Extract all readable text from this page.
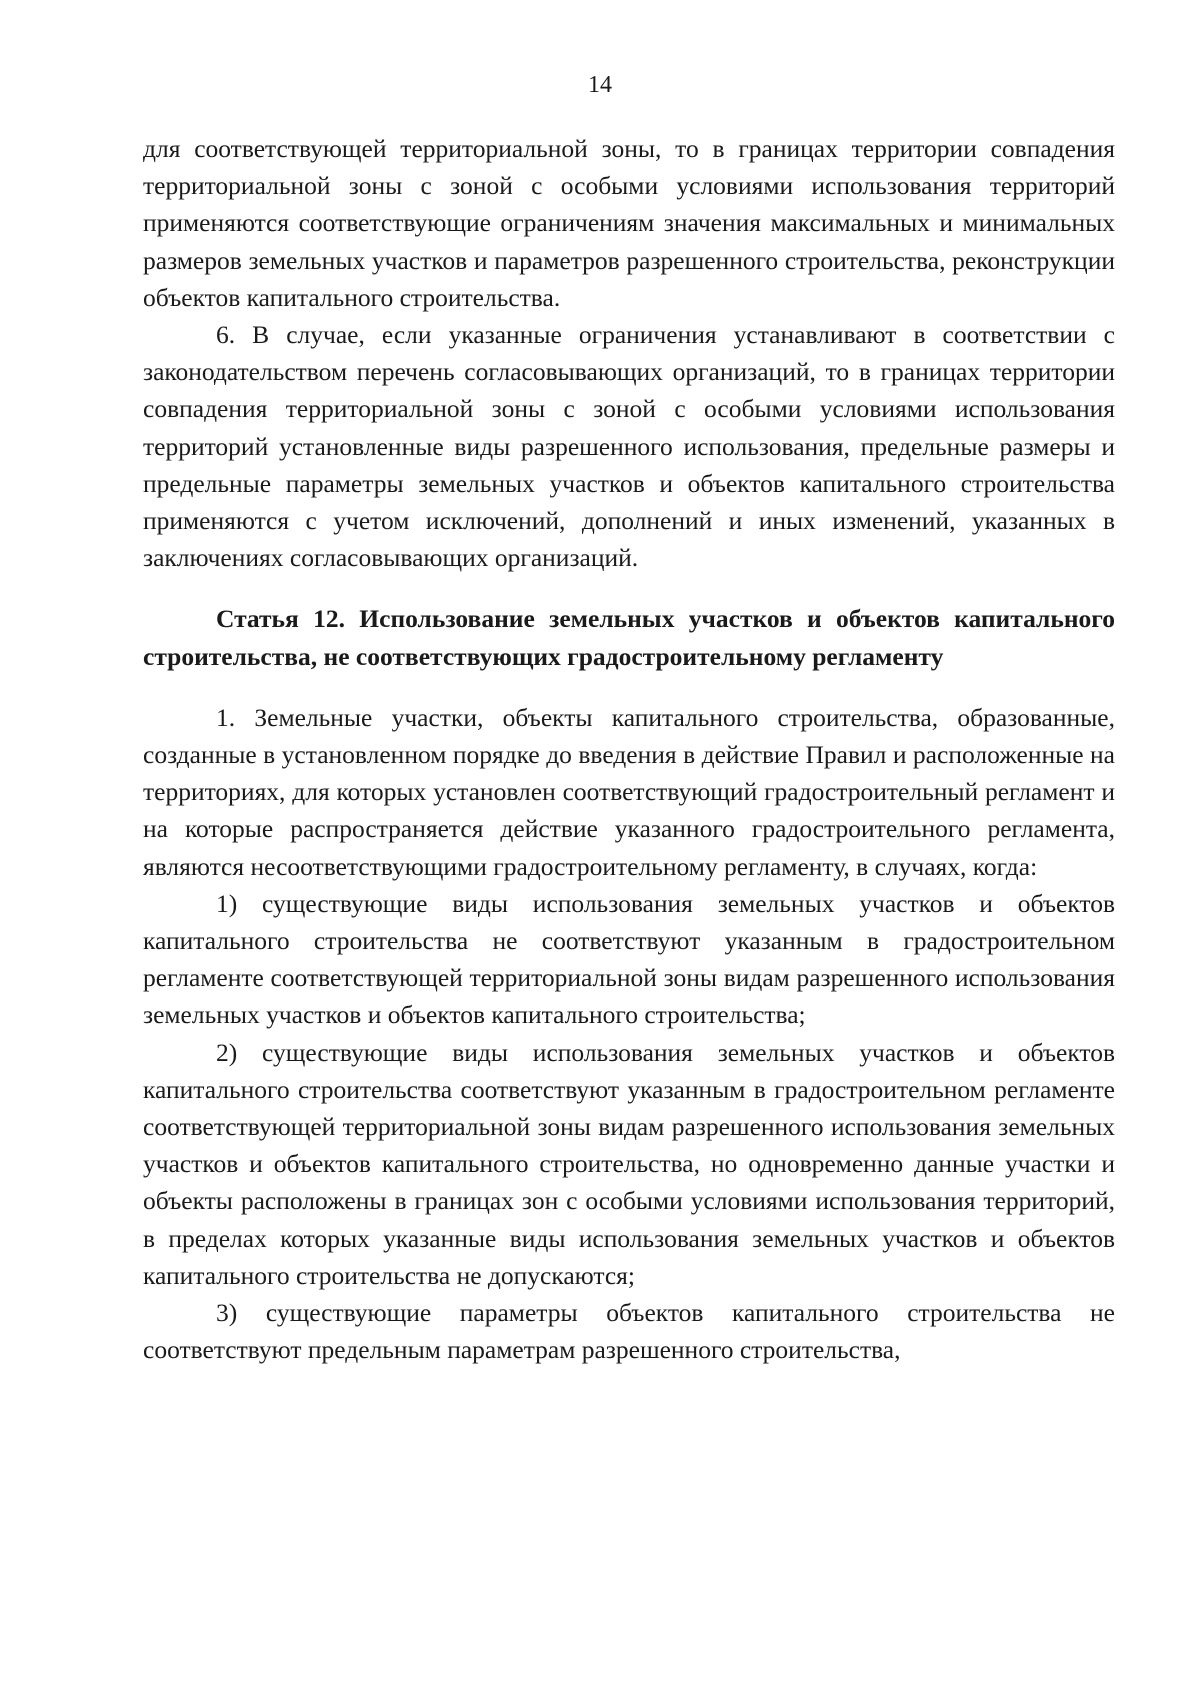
14

для соответствующей территориальной зоны, то в границах территории совпадения территориальной зоны с зоной с особыми условиями использования территорий применяются соответствующие ограничениям значения максимальных и минимальных размеров земельных участков и параметров разрешенного строительства, реконструкции объектов капитального строительства.

6. В случае, если указанные ограничения устанавливают в соответствии с законодательством перечень согласовывающих организаций, то в границах территории совпадения территориальной зоны с зоной с особыми условиями использования территорий установленные виды разрешенного использования, предельные размеры и предельные параметры земельных участков и объектов капитального строительства применяются с учетом исключений, дополнений и иных изменений, указанных в заключениях согласовывающих организаций.

Статья 12. Использование земельных участков и объектов капитального строительства, не соответствующих градостроительному регламенту

1. Земельные участки, объекты капитального строительства, образованные, созданные в установленном порядке до введения в действие Правил и расположенные на территориях, для которых установлен соответствующий градостроительный регламент и на которые распространяется действие указанного градостроительного регламента, являются несоответствующими градостроительному регламенту, в случаях, когда:

1) существующие виды использования земельных участков и объектов капитального строительства не соответствуют указанным в градостроительном регламенте соответствующей территориальной зоны видам разрешенного использования земельных участков и объектов капитального строительства;

2) существующие виды использования земельных участков и объектов капитального строительства соответствуют указанным в градостроительном регламенте соответствующей территориальной зоны видам разрешенного использования земельных участков и объектов капитального строительства, но одновременно данные участки и объекты расположены в границах зон с особыми условиями использования территорий, в пределах которых указанные виды использования земельных участков и объектов капитального строительства не допускаются;

3) существующие параметры объектов капитального строительства не соответствуют предельным параметрам разрешенного строительства,
